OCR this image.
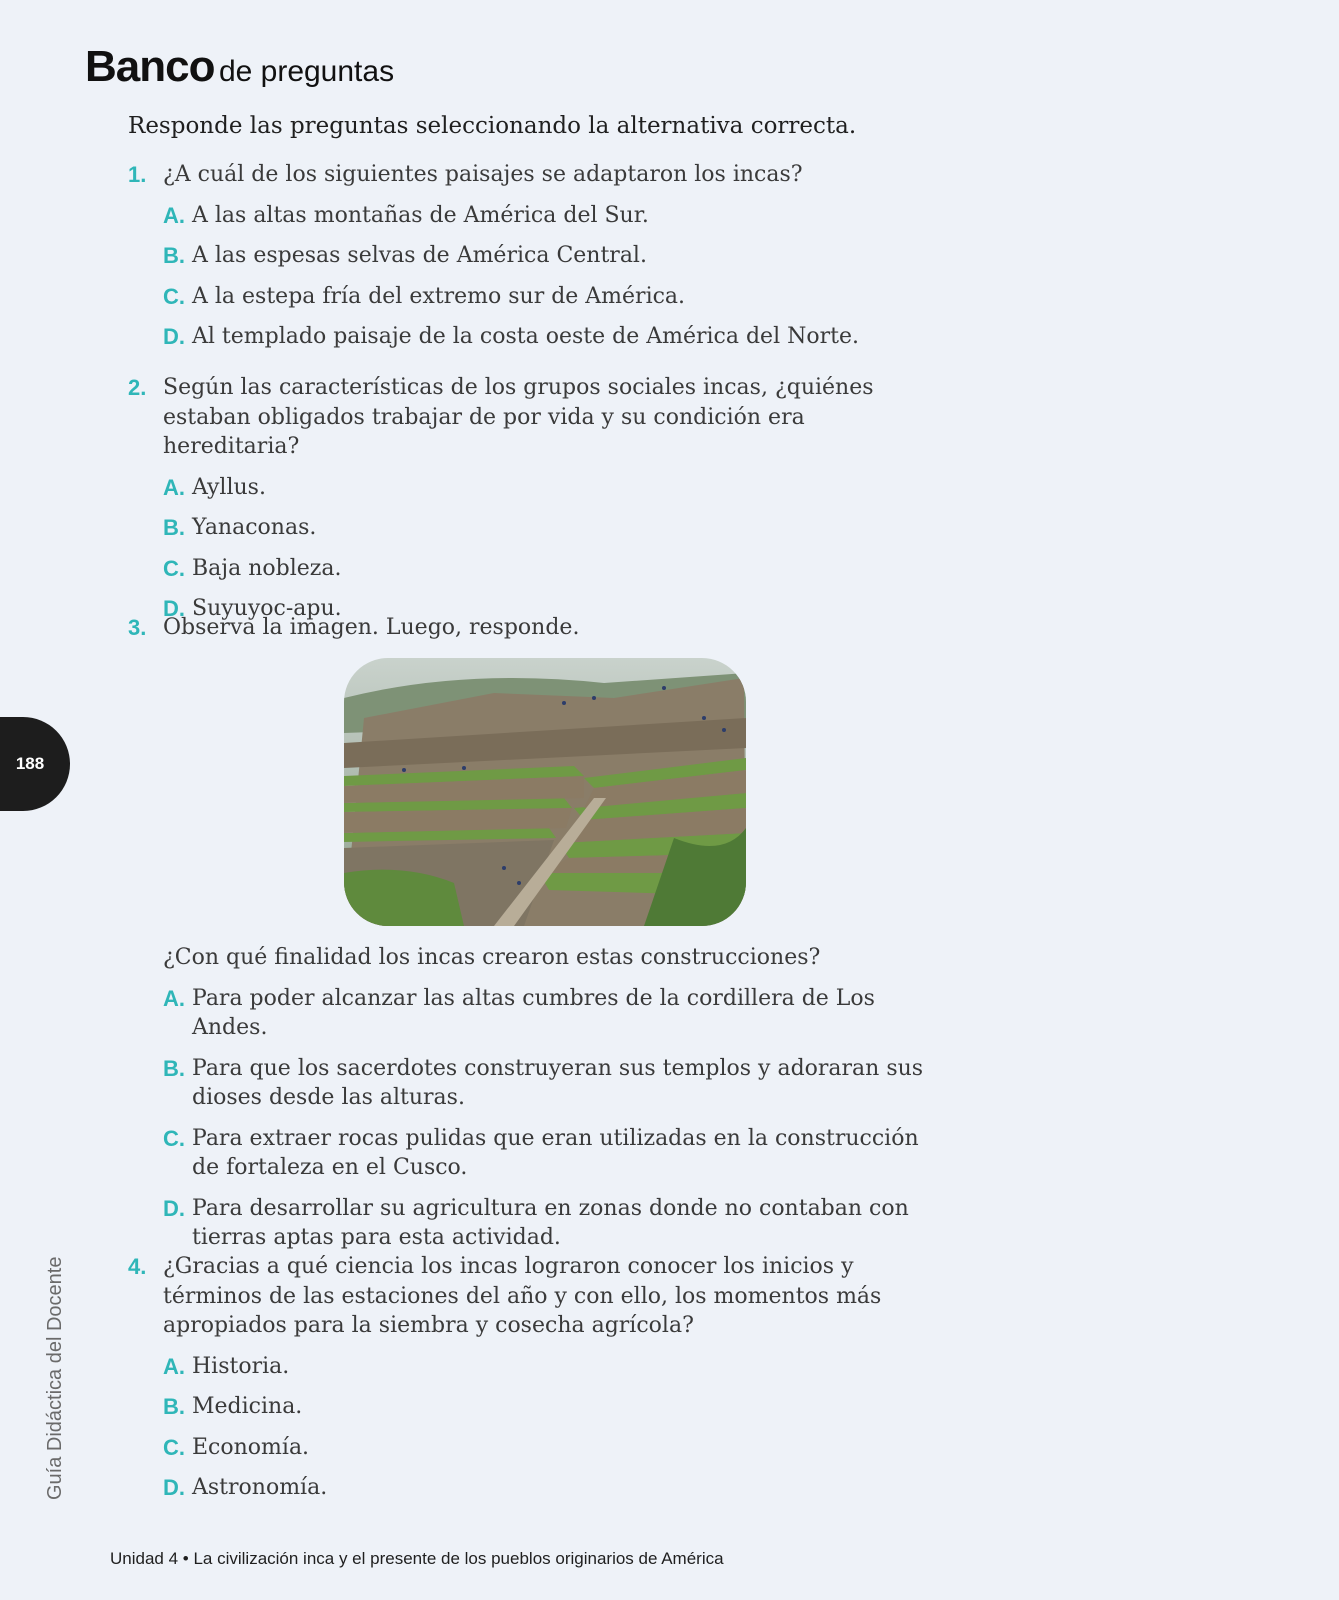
Banco de preguntas
Responde las preguntas seleccionando la alternativa correcta.
1. ¿A cuál de los siguientes paisajes se adaptaron los incas?
A. A las altas montañas de América del Sur.
B. A las espesas selvas de América Central.
C. A la estepa fría del extremo sur de América.
D. Al templado paisaje de la costa oeste de América del Norte.
2. Según las características de los grupos sociales incas, ¿quiénes estaban obligados trabajar de por vida y su condición era hereditaria?
A. Ayllus.
B. Yanaconas.
C. Baja nobleza.
D. Suyuyoc-apu.
3. Observa la imagen. Luego, responde.
¿Con qué finalidad los incas crearon estas construcciones?
A. Para poder alcanzar las altas cumbres de la cordillera de Los Andes.
B. Para que los sacerdotes construyeran sus templos y adoraran sus dioses desde las alturas.
C. Para extraer rocas pulidas que eran utilizadas en la construcción de fortaleza en el Cusco.
D. Para desarrollar su agricultura en zonas donde no contaban con tierras aptas para esta actividad.
4. ¿Gracias a qué ciencia los incas lograron conocer los inicios y términos de las estaciones del año y con ello, los momentos más apropiados para la siembra y cosecha agrícola?
A. Historia.
B. Medicina.
C. Economía.
D. Astronomía.
188
Guía Didáctica del Docente
Unidad 4 • La civilización inca y el presente de los pueblos originarios de América
